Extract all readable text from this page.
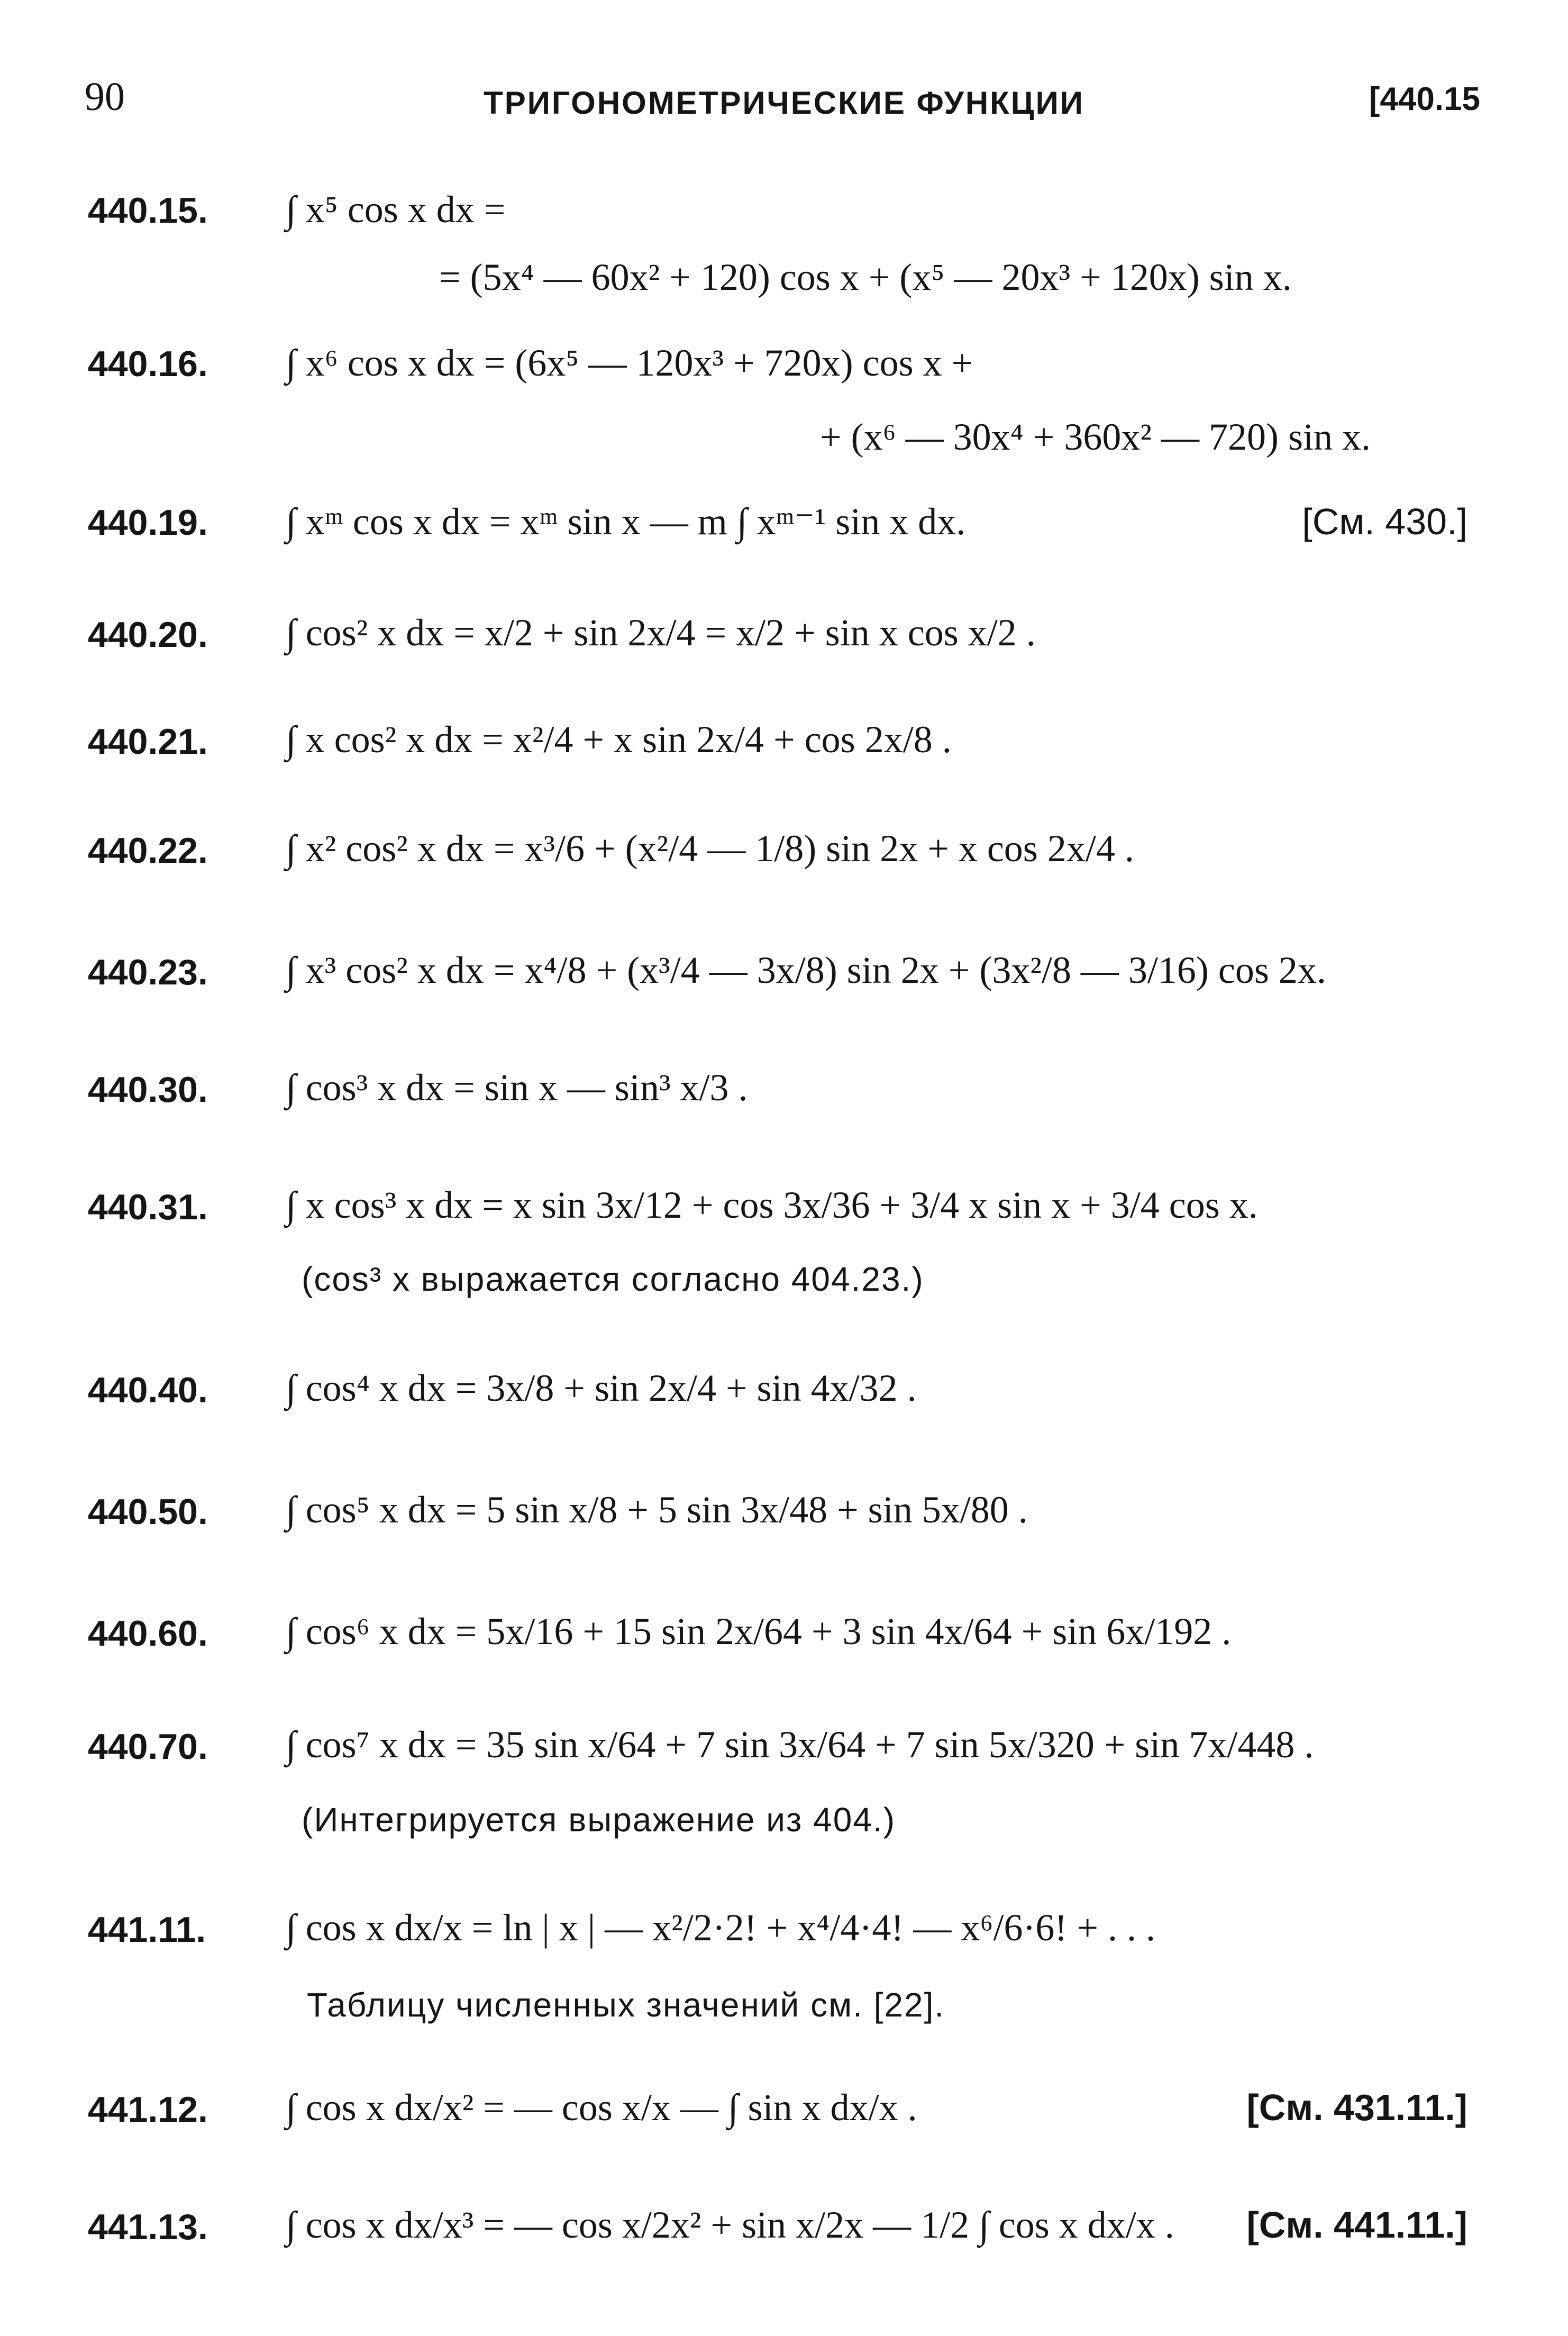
90	ТРИГОНОМЕТРИЧЕСКИЕ ФУНКЦИИ	[440.15
440.15. ∫ x⁵ cos x dx =
= (5x⁴ — 60x² + 120) cos x + (x⁵ — 20x³ + 120x) sin x.
440.16. ∫ x⁶ cos x dx = (6x⁵ — 120x³ + 720x) cos x +
+ (x⁶ — 30x⁴ + 360x² — 720) sin x.
440.19. ∫ xᵐ cos x dx = xᵐ sin x — m ∫ xᵐ⁻¹ sin x dx.	[См. 430.]
440.20. ∫ cos² x dx = x/2 + sin 2x/4 = x/2 + sin x cos x/2 .
440.21. ∫ x cos² x dx = x²/4 + x sin 2x/4 + cos 2x/8 .
440.22. ∫ x² cos² x dx = x³/6 + (x²/4 — 1/8) sin 2x + x cos 2x/4 .
440.23. ∫ x³ cos² x dx = x⁴/8 + (x³/4 — 3x/8) sin 2x + (3x²/8 — 3/16) cos 2x.
440.30. ∫ cos³ x dx = sin x — sin³ x/3 .
440.31. ∫ x cos³ x dx = x sin 3x/12 + cos 3x/36 + 3/4 x sin x + 3/4 cos x.
(cos³ x выражается согласно 404.23.)
440.40. ∫ cos⁴ x dx = 3x/8 + sin 2x/4 + sin 4x/32 .
440.50. ∫ cos⁵ x dx = 5 sin x/8 + 5 sin 3x/48 + sin 5x/80 .
440.60. ∫ cos⁶ x dx = 5x/16 + 15 sin 2x/64 + 3 sin 4x/64 + sin 6x/192 .
440.70. ∫ cos⁷ x dx = 35 sin x/64 + 7 sin 3x/64 + 7 sin 5x/320 + sin 7x/448 .
(Интегрируется выражение из 404.)
441.11. ∫ cos x dx/x = ln | x | — x²/2·2! + x⁴/4·4! — x⁶/6·6! + . . .
Таблицу численных значений см. [22].
441.12. ∫ cos x dx/x² = — cos x/x — ∫ sin x dx/x .	[См. 431.11.]
441.13. ∫ cos x dx/x³ = — cos x/2x² + sin x/2x — 1/2 ∫ cos x dx/x . [См. 441.11.]
